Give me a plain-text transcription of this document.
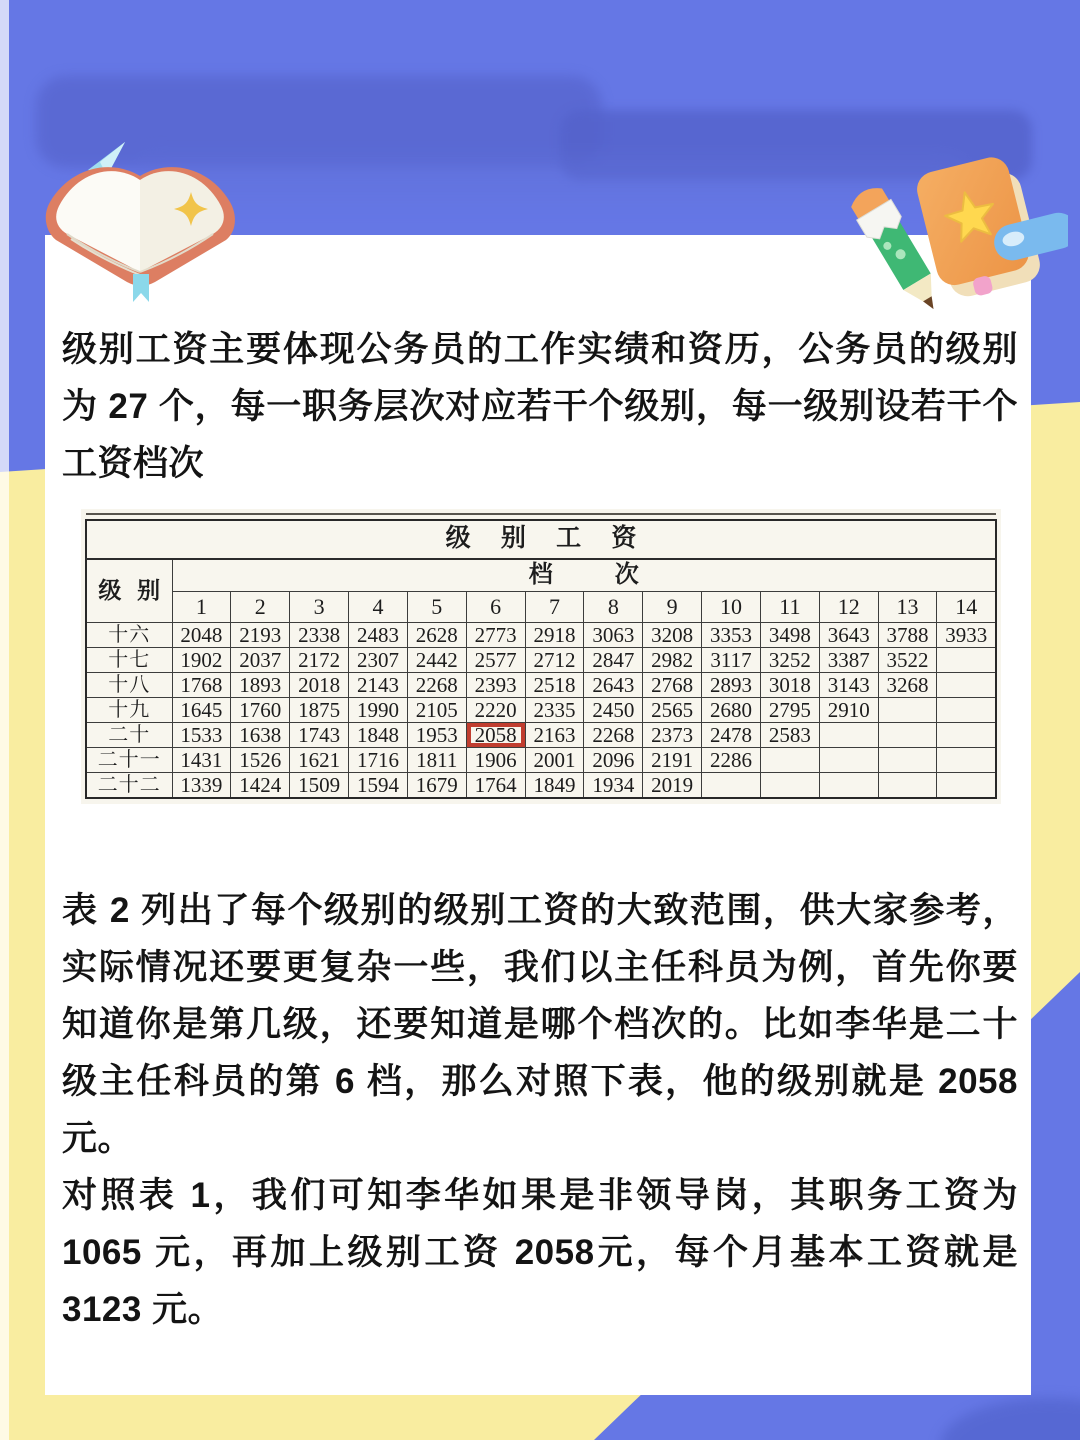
级别工资主要体现公务员的工作实绩和资历，公务员的级别为 27 个，每一职务层次对应若干个级别，每一级别设若干个工资档次

级 别 工 资														
级 别	档 次													
	1	2	3	4	5	6	7	8	9	10	11	12	13	14
十六	2048	2193	2338	2483	2628	2773	2918	3063	3208	3353	3498	3643	3788	3933
十七	1902	2037	2172	2307	2442	2577	2712	2847	2982	3117	3252	3387	3522	
十八	1768	1893	2018	2143	2268	2393	2518	2643	2768	2893	3018	3143	3268	
十九	1645	1760	1875	1990	2105	2220	2335	2450	2565	2680	2795	2910		
二十	1533	1638	1743	1848	1953	2058	2163	2268	2373	2478	2583			
二十一	1431	1526	1621	1716	1811	1906	2001	2096	2191	2286				
二十二	1339	1424	1509	1594	1679	1764	1849	1934	2019					

表 2 列出了每个级别的级别工资的大致范围，供大家参考，实际情况还要更复杂一些，我们以主任科员为例，首先你要知道你是第几级，还要知道是哪个档次的。比如李华是二十级主任科员的第 6 档，那么对照下表，他的级别就是 2058 元。

对照表 1，我们可知李华如果是非领导岗，其职务工资为 1065 元，再加上级别工资 2058元，每个月基本工资就是 3123 元。
